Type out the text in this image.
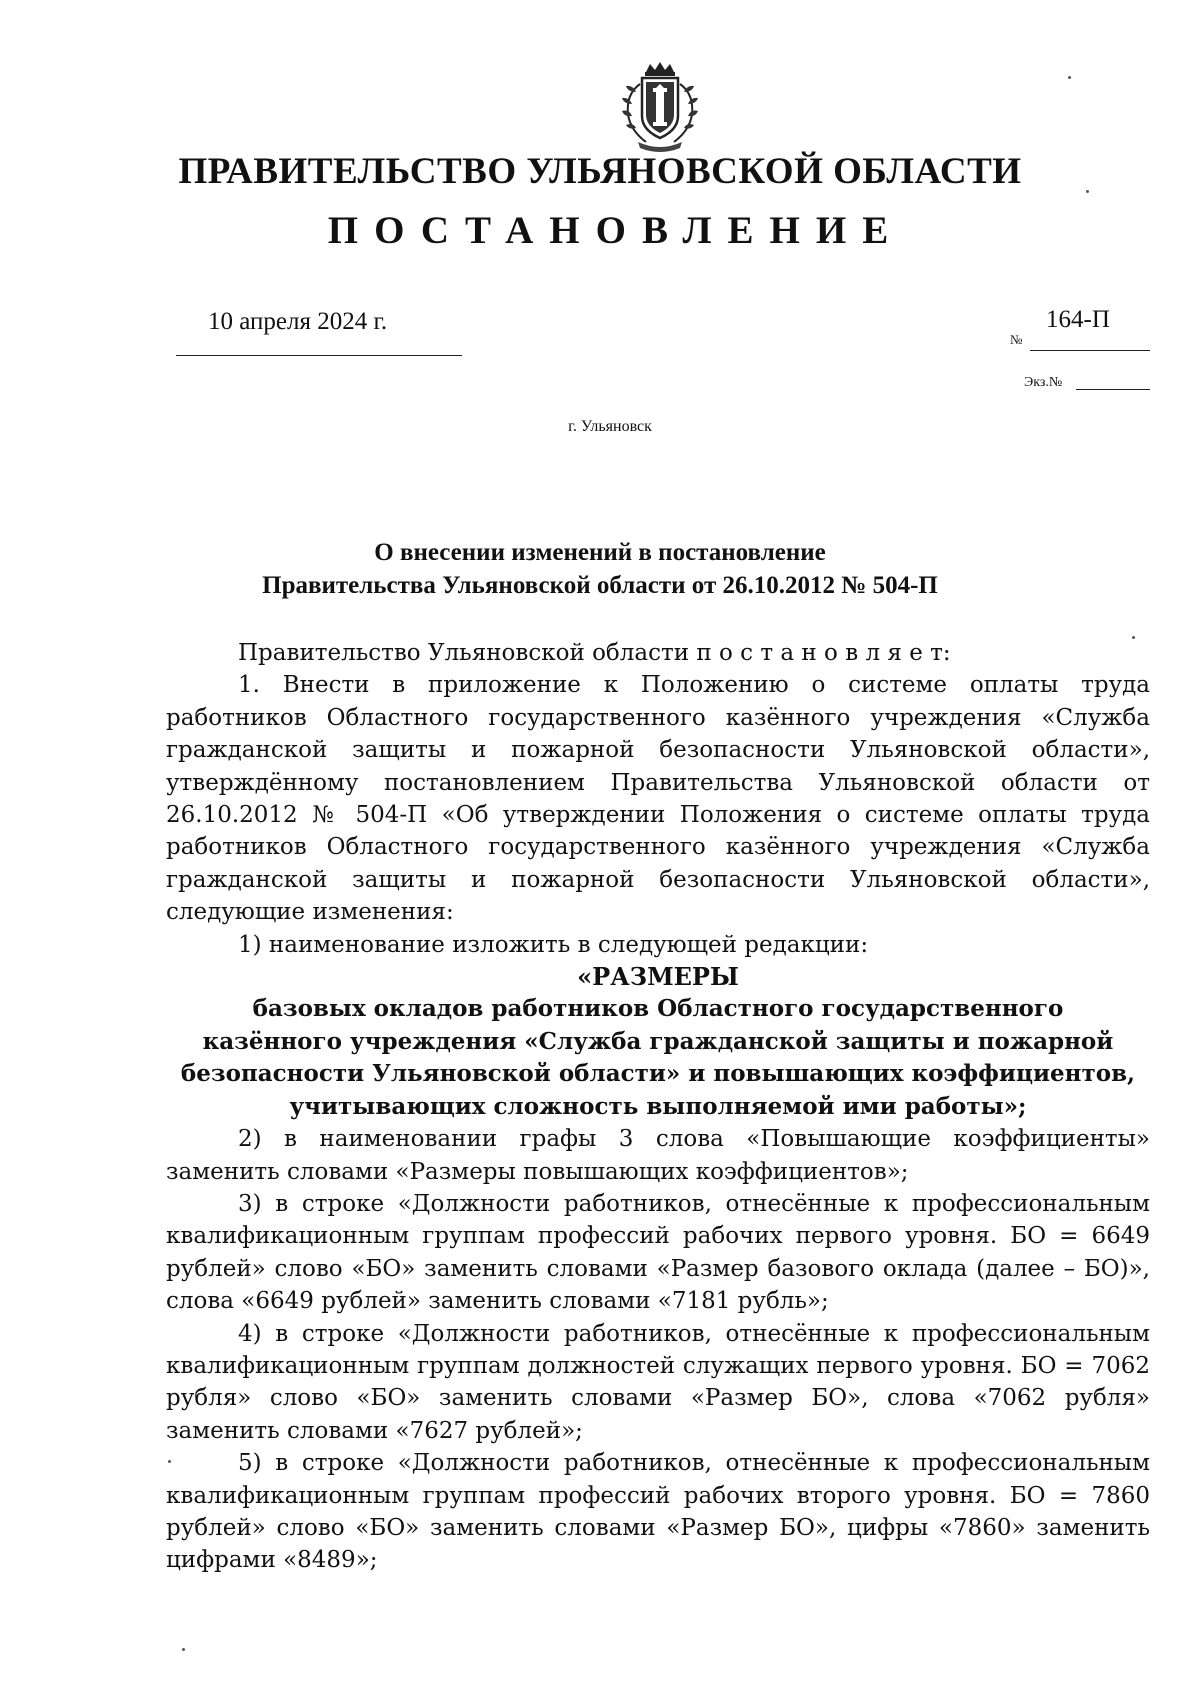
ПРАВИТЕЛЬСТВО УЛЬЯНОВСКОЙ ОБЛАСТИ
ПОСТАНОВЛЕНИЕ
10 апреля 2024 г.	164-П
№
Экз.№
г. Ульяновск
О внесении изменений в постановление
Правительства Ульяновской области от 26.10.2012 № 504-П

Правительство Ульяновской области п о с т а н о в л я е т:

1. Внести в приложение к Положению о системе оплаты труда работников Областного государственного казённого учреждения «Служба гражданской защиты и пожарной безопасности Ульяновской области», утверждённому постановлением Правительства Ульяновской области от 26.10.2012 № 504-П «Об утверждении Положения о системе оплаты труда работников Областного государственного казённого учреждения «Служба гражданской защиты и пожарной безопасности Ульяновской области», следующие изменения:

1) наименование изложить в следующей редакции:

«РАЗМЕРЫ

базовых окладов работников Областного государственного

казённого учреждения «Служба гражданской защиты и пожарной

безопасности Ульяновской области» и повышающих коэффициентов,

учитывающих сложность выполняемой ими работы»;

2) в наименовании графы 3 слова «Повышающие коэффициенты» заменить словами «Размеры повышающих коэффициентов»;

3) в строке «Должности работников, отнесённые к профессиональным квалификационным группам профессий рабочих первого уровня. БО = 6649 рублей» слово «БО» заменить словами «Размер базового оклада (далее – БО)», слова «6649 рублей» заменить словами «7181 рубль»;

4) в строке «Должности работников, отнесённые к профессиональным квалификационным группам должностей служащих первого уровня. БО = 7062 рубля» слово «БО» заменить словами «Размер БО», слова «7062 рубля» заменить словами «7627 рублей»;

5) в строке «Должности работников, отнесённые к профессиональным квалификационным группам профессий рабочих второго уровня. БО = 7860 рублей» слово «БО» заменить словами «Размер БО», цифры «7860» заменить цифрами «8489»;
